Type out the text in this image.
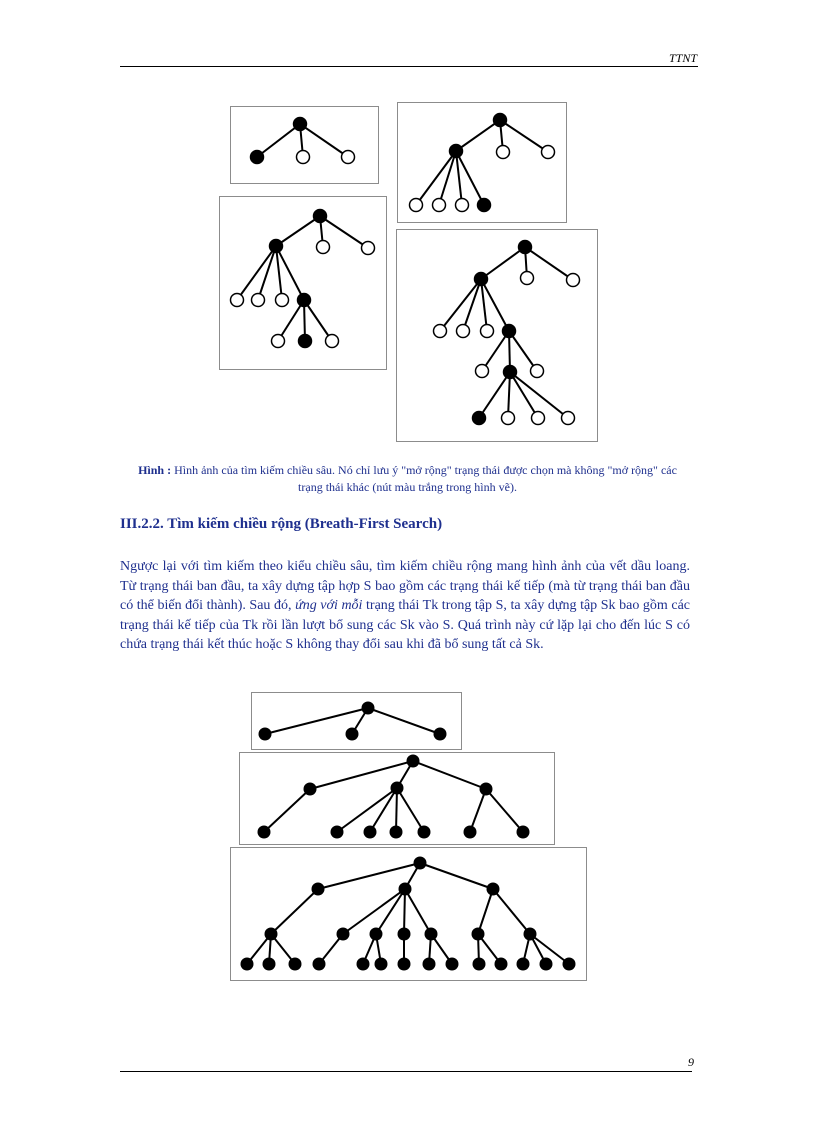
TTNT
Hình : Hình ảnh của tìm kiếm chiều sâu. Nó chỉ lưu ý "mở rộng" trạng thái được chọn mà không "mở rộng" các trạng thái khác (nút màu trắng trong hình vẽ).
III.2.2. Tìm kiếm chiều rộng (Breath-First Search)
Ngược lại với tìm kiếm theo kiểu chiều sâu, tìm kiếm chiều rộng mang hình ảnh của vết dầu loang. Từ trạng thái ban đầu, ta xây dựng tập hợp S bao gồm các trạng thái kế tiếp (mà từ trạng thái ban đầu có thể biến đổi thành). Sau đó, ứng với mỗi trạng thái Tk trong tập S, ta xây dựng tập Sk bao gồm các trạng thái kế tiếp của Tk rồi lần lượt bổ sung các Sk vào S. Quá trình này cứ lặp lại cho đến lúc S có chứa trạng thái kết thúc hoặc S không thay đổi sau khi đã bổ sung tất cả Sk.
9
